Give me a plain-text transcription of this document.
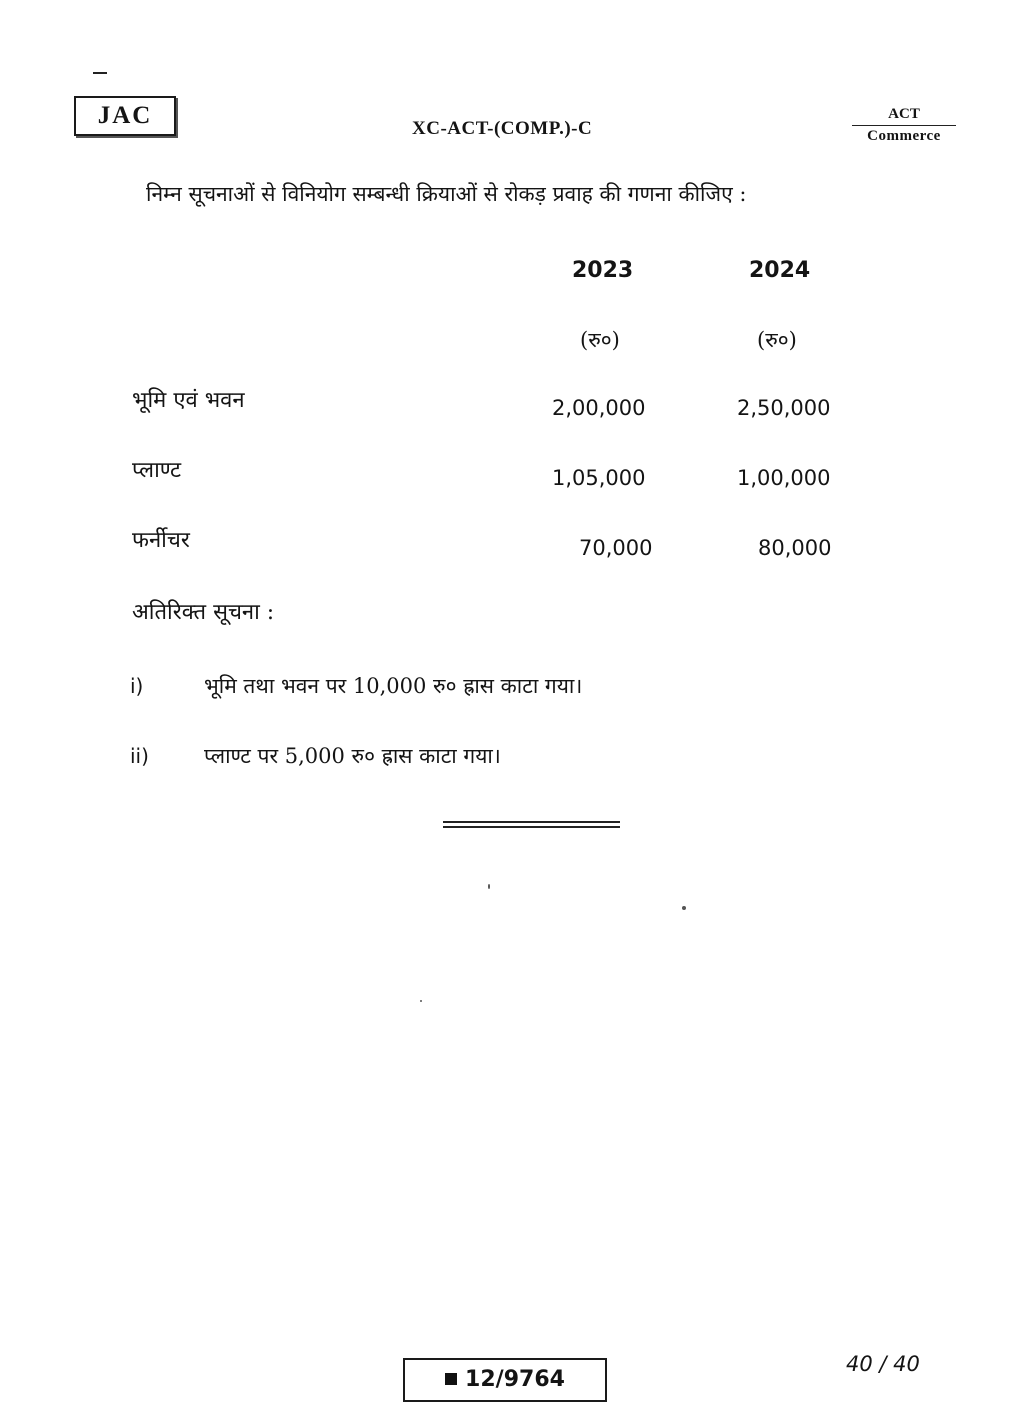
JAC	XC-ACT-(COMP.)-C
ACT
Commerce
निम्न सूचनाओं से विनियोग सम्बन्धी क्रियाओं से रोकड़ प्रवाह की गणना कीजिए :
2023	2024
(रु०)	(रु०)
भूमि एवं भवन	2,00,000	2,50,000
प्लाण्ट	1,05,000	1,00,000
फर्नीचर	70,000	80,000
अतिरिक्त सूचना :
i)	भूमि तथा भवन पर 10,000 रु० ह्रास काटा गया।
ii)	प्लाण्ट पर 5,000 रु० ह्रास काटा गया।
12/9764
40 / 40
